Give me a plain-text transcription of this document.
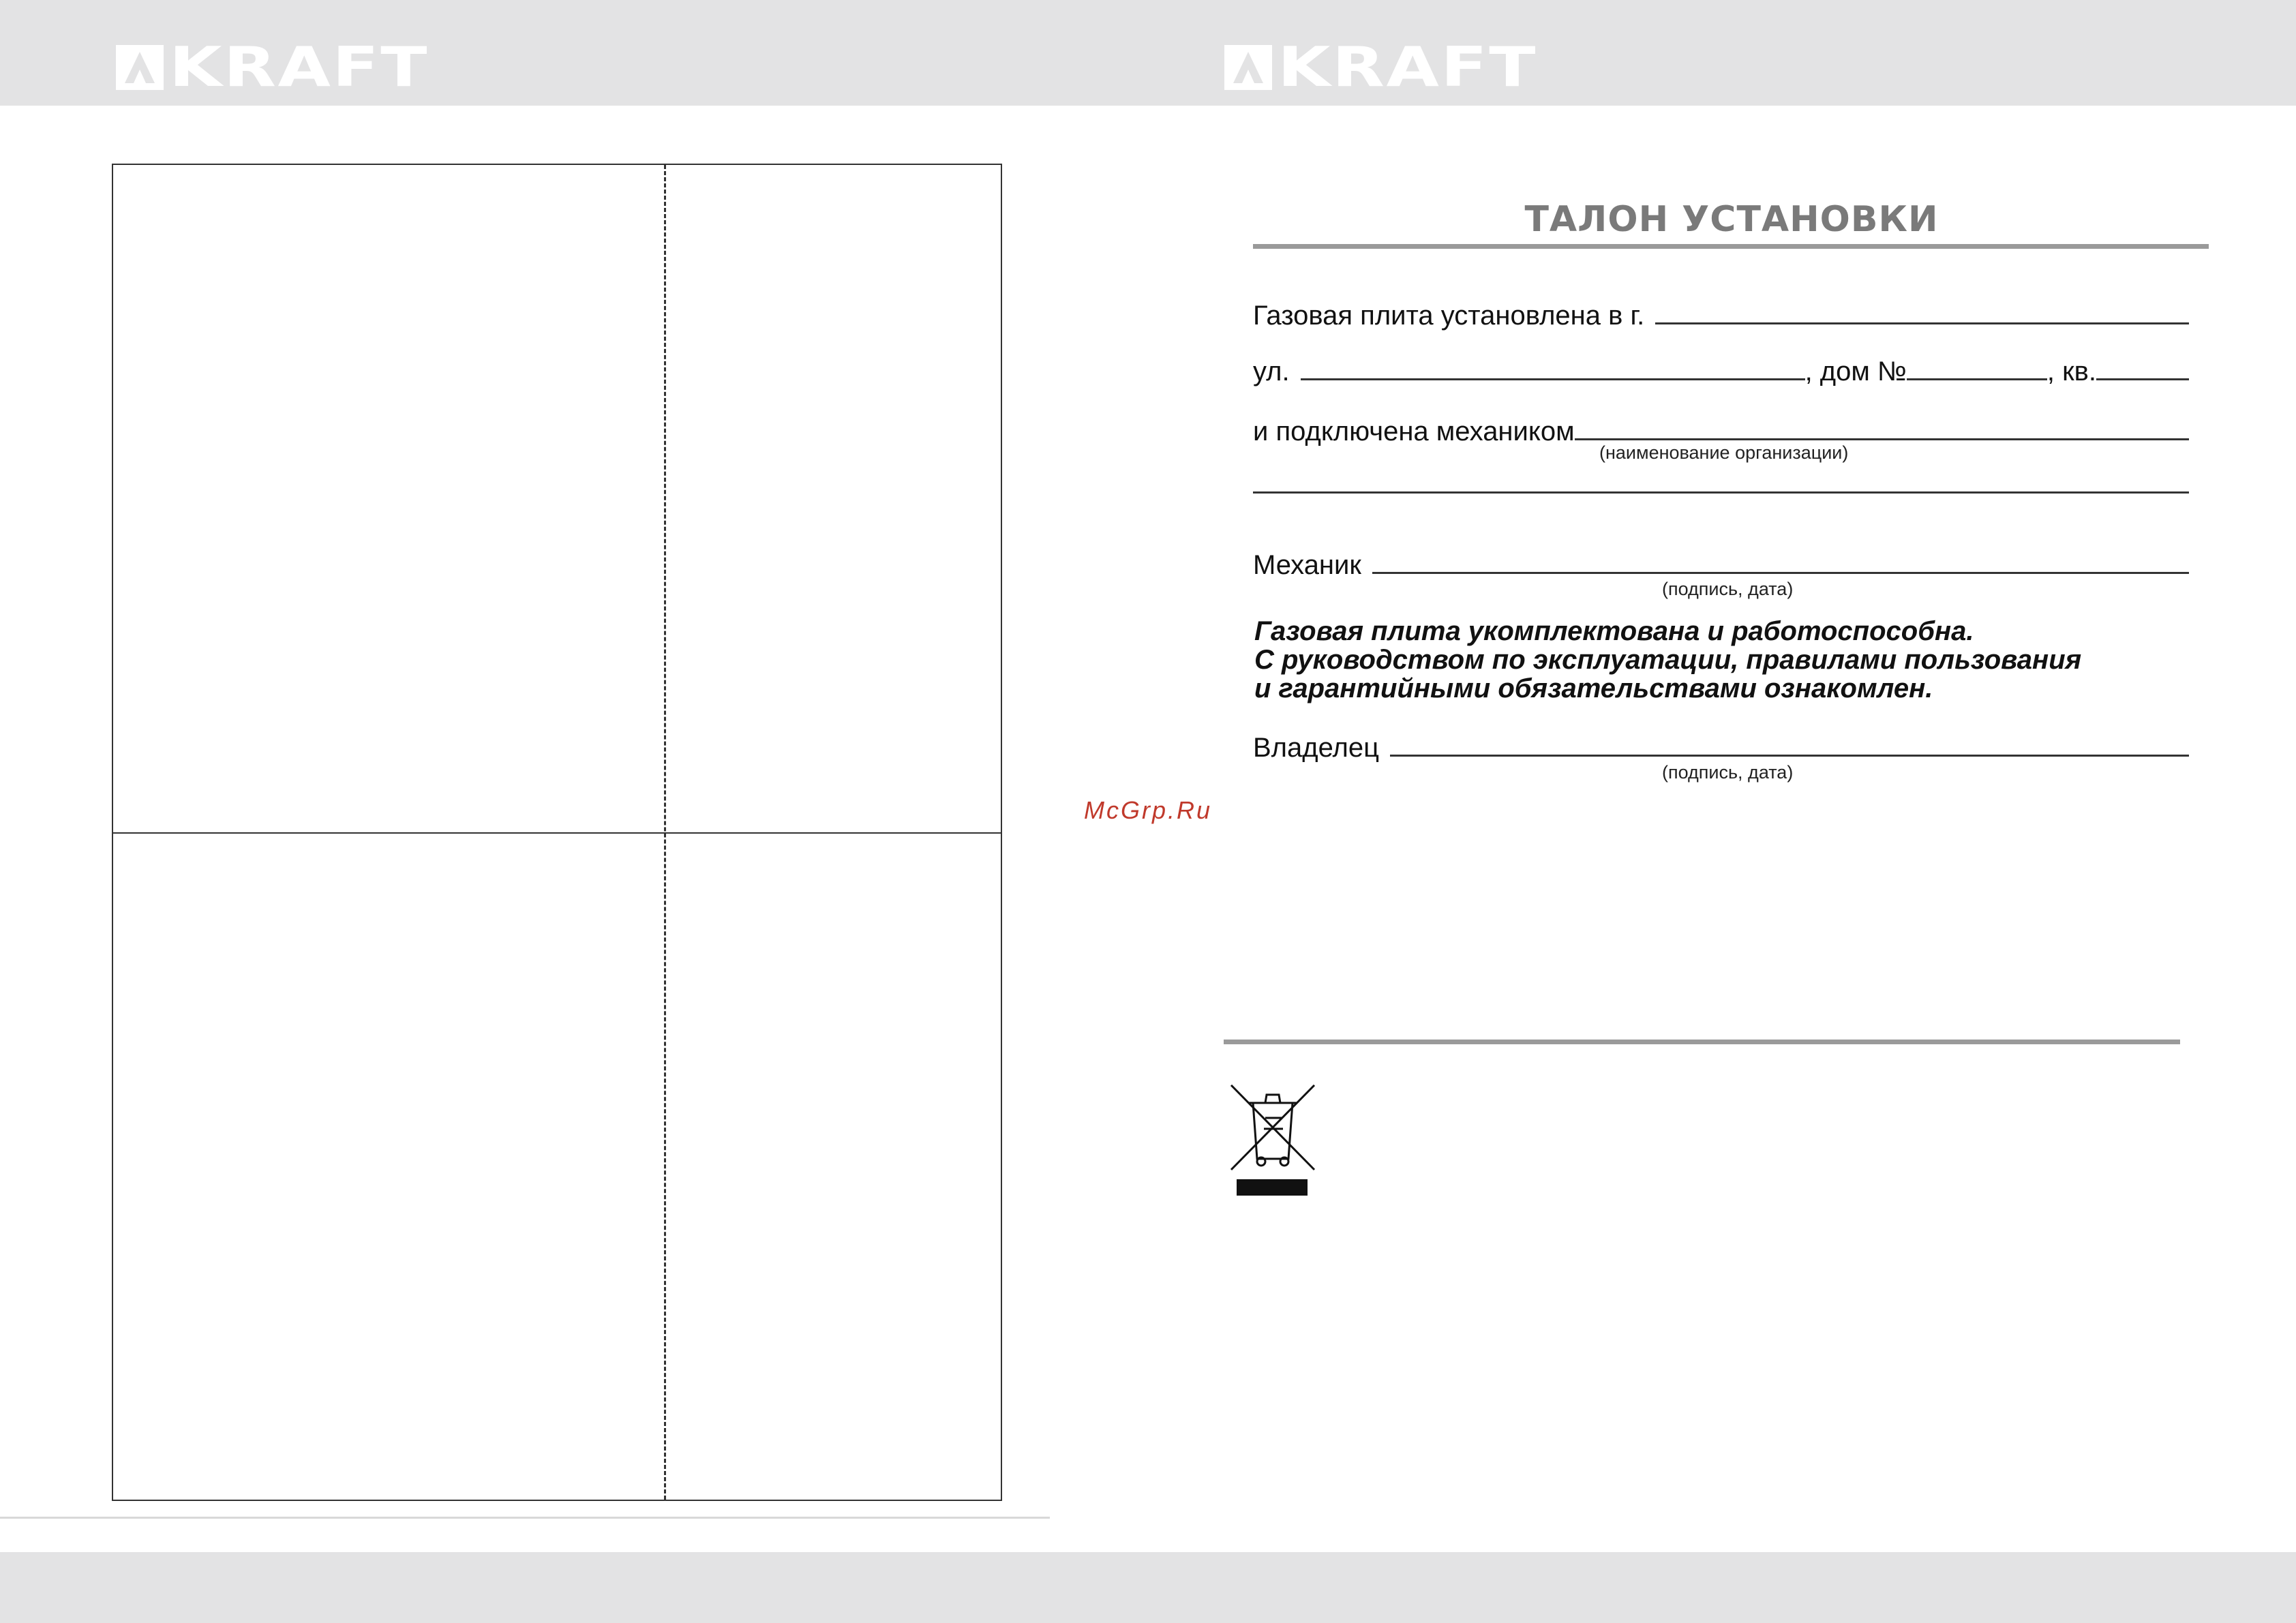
KRAFT	KRAFT
McGrp.Ru
ТАЛОН УСТАНОВКИ
Газовая плита установлена в г.
ул.	, дом №	, кв.
и подключена механиком
(наименование организации)
Механик
(подпись, дата)
Газовая плита укомплектована и работоспособна.
С руководством по эксплуатации, правилами пользования
и гарантийными обязательствами ознакомлен.
Владелец
(подпись, дата)
